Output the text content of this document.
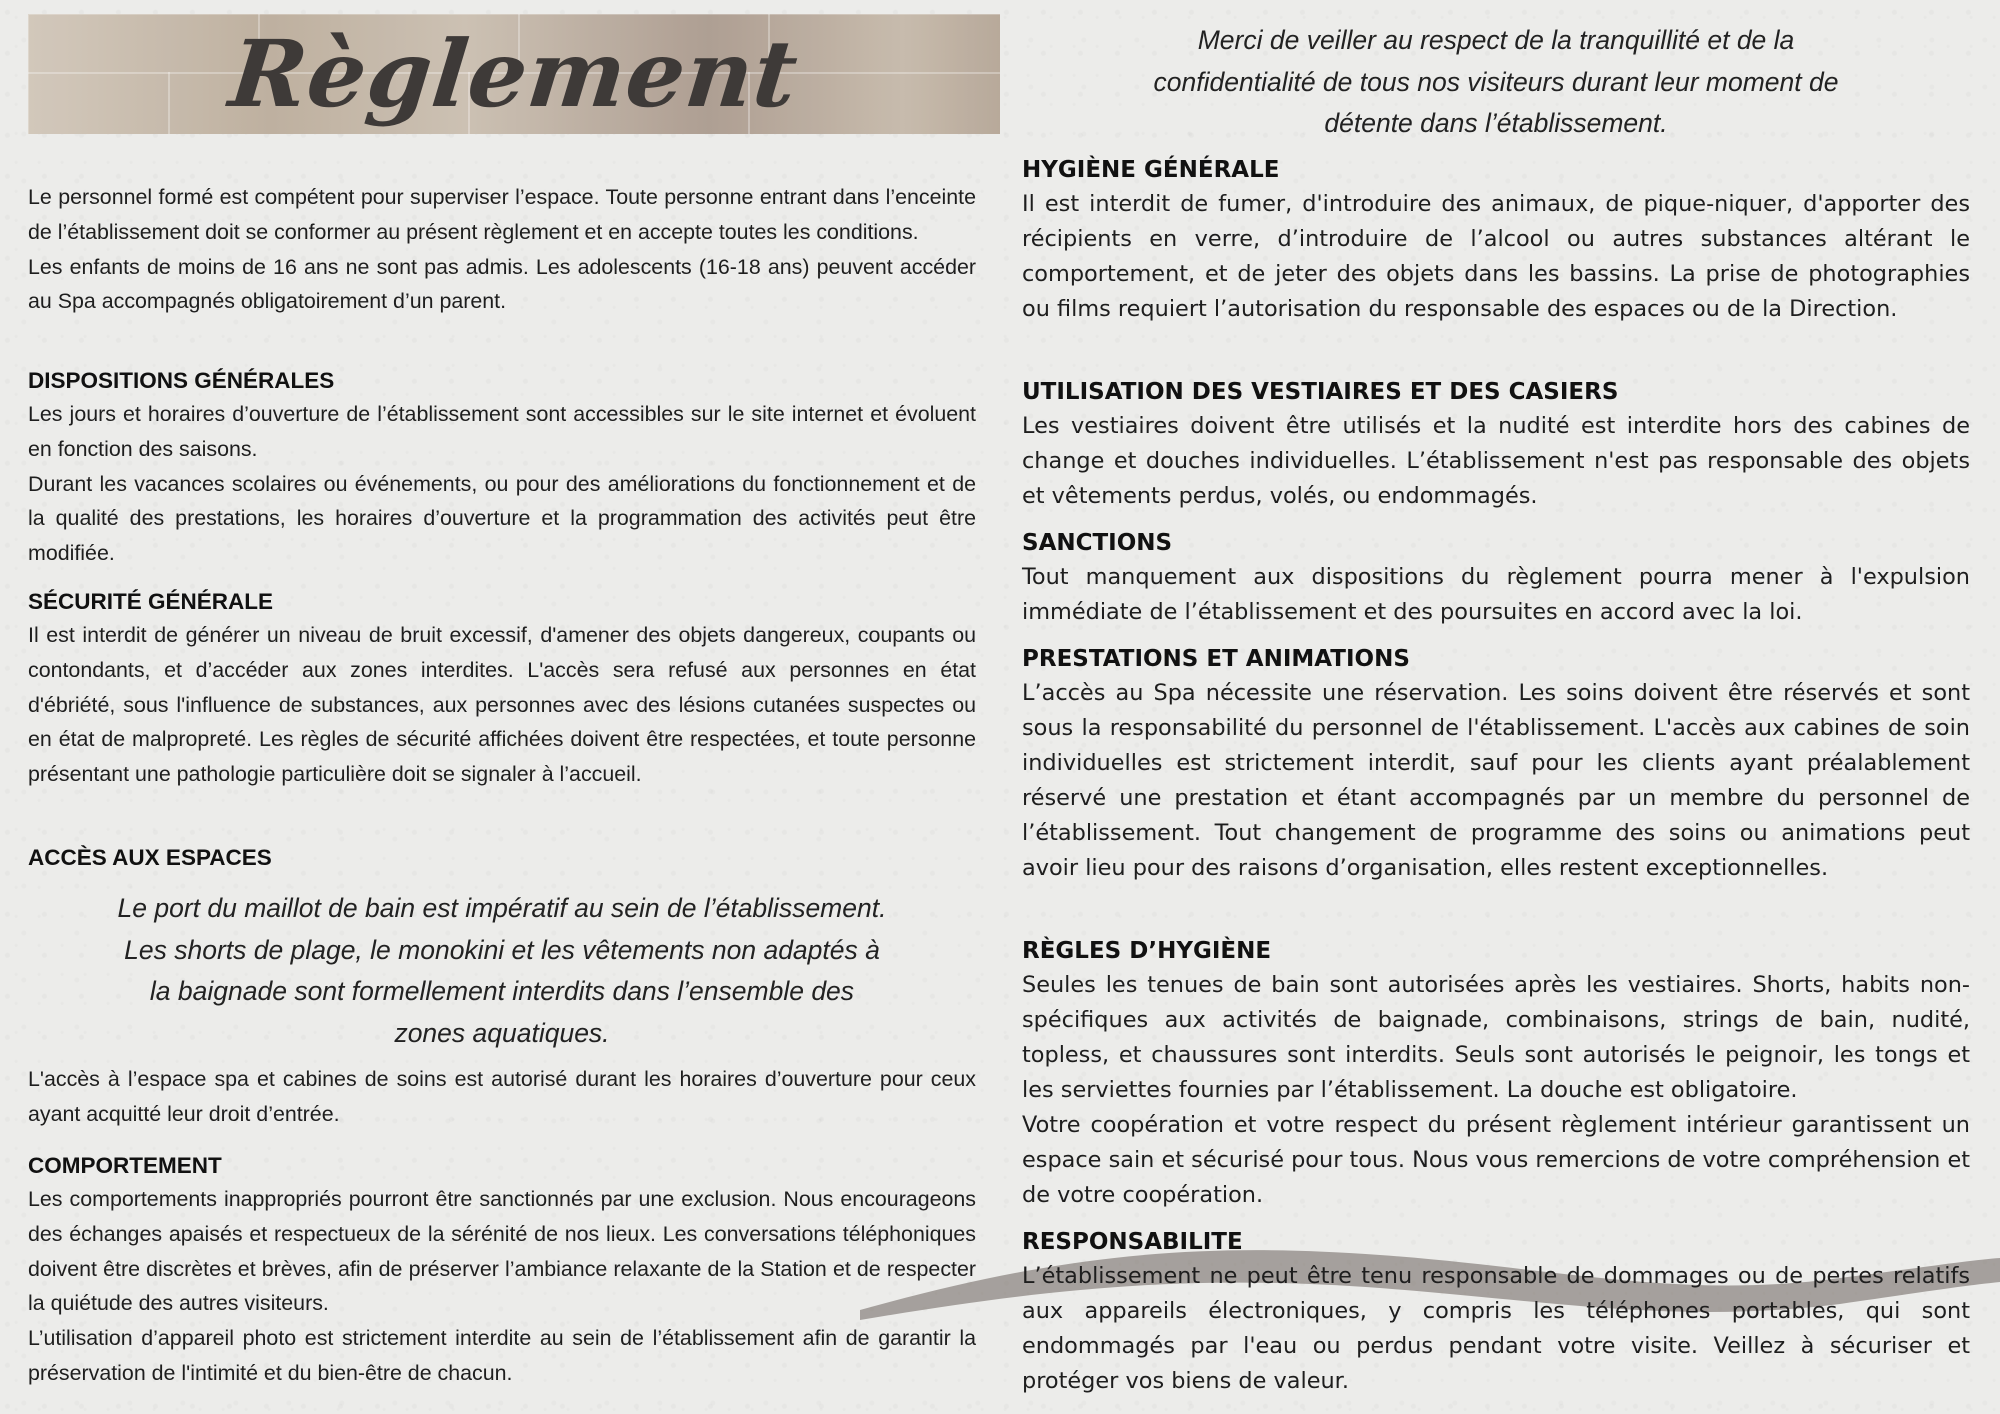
Règlement

Le personnel formé est compétent pour superviser l’espace. Toute personne entrant dans l’enceinte de l’établissement doit se conformer au présent règlement et en accepte toutes les conditions.

Les enfants de moins de 16 ans ne sont pas admis. Les adolescents (16-18 ans) peuvent accéder au Spa accompagnés obligatoirement d’un parent.

DISPOSITIONS GÉNÉRALES

Les jours et horaires d’ouverture de l’établissement sont accessibles sur le site internet et évoluent en fonction des saisons.

Durant les vacances scolaires ou événements, ou pour des améliorations du fonctionnement et de la qualité des prestations, les horaires d’ouverture et la programmation des activités peut être modifiée.

SÉCURITÉ GÉNÉRALE

Il est interdit de générer un niveau de bruit excessif, d'amener des objets dangereux, coupants ou contondants, et d’accéder aux zones interdites. L'accès sera refusé aux personnes en état d'ébriété, sous l'influence de substances, aux personnes avec des lésions cutanées suspectes ou en état de malpropreté. Les règles de sécurité affichées doivent être respectées, et toute personne présentant une pathologie particulière doit se signaler à l’accueil.

ACCÈS AUX ESPACES

Le port du maillot de bain est impératif au sein de l’établissement.

Les shorts de plage, le monokini et les vêtements non adaptés à

la baignade sont formellement interdits dans l’ensemble des

zones aquatiques.

L'accès à l’espace spa et cabines de soins est autorisé durant les horaires d’ouverture pour ceux ayant acquitté leur droit d’entrée.

COMPORTEMENT

Les comportements inappropriés pourront être sanctionnés par une exclusion. Nous encourageons des échanges apaisés et respectueux de la sérénité de nos lieux. Les conversations téléphoniques doivent être discrètes et brèves, afin de préserver l’ambiance relaxante de la Station et de respecter la quiétude des autres visiteurs.

L’utilisation d’appareil photo est strictement interdite au sein de l’établissement afin de garantir la préservation de l'intimité et du bien-être de chacun.

Merci de veiller au respect de la tranquillité et de la

confidentialité de tous nos visiteurs durant leur moment de

détente dans l’établissement.

HYGIÈNE GÉNÉRALE

Il est interdit de fumer, d'introduire des animaux, de pique-niquer, d'apporter des récipients en verre, d’introduire de l’alcool ou autres substances altérant le comportement, et de jeter des objets dans les bassins. La prise de photographies ou films requiert l’autorisation du responsable des espaces ou de la Direction.

UTILISATION DES VESTIAIRES ET DES CASIERS

Les vestiaires doivent être utilisés et la nudité est interdite hors des cabines de change et douches individuelles. L’établissement n'est pas responsable des objets et vêtements perdus, volés, ou endommagés.

SANCTIONS

Tout manquement aux dispositions du règlement pourra mener à l'expulsion immédiate de l’établissement et des poursuites en accord avec la loi.

PRESTATIONS ET ANIMATIONS

L’accès au Spa nécessite une réservation. Les soins doivent être réservés et sont sous la responsabilité du personnel de l'établissement. L'accès aux cabines de soin individuelles est strictement interdit, sauf pour les clients ayant préalablement réservé une prestation et étant accompagnés par un membre du personnel de l’établissement. Tout changement de programme des soins ou animations peut avoir lieu pour des raisons d’organisation, elles restent exceptionnelles.

RÈGLES D’HYGIÈNE

Seules les tenues de bain sont autorisées après les vestiaires. Shorts, habits non-spécifiques aux activités de baignade, combinaisons, strings de bain, nudité, topless, et chaussures sont interdits. Seuls sont autorisés le peignoir, les tongs et les serviettes fournies par l’établissement. La douche est obligatoire.

Votre coopération et votre respect du présent règlement intérieur garantissent un espace sain et sécurisé pour tous. Nous vous remercions de votre compréhension et de votre coopération.

RESPONSABILITE

L’établissement ne peut être tenu responsable de dommages ou de pertes relatifs aux appareils électroniques, y compris les téléphones portables, qui sont endommagés par l'eau ou perdus pendant votre visite. Veillez à sécuriser et protéger vos biens de valeur.
